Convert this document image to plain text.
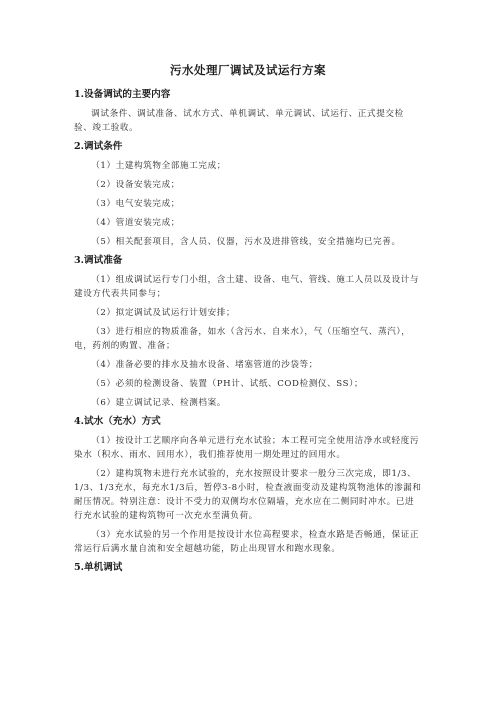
污水处理厂调试及试运行方案
1.设备调试的主要内容
调试条件、调试准备、试水方式、单机调试、单元调试、试运行、正式提交检验、竣工验收。
2.调试条件
（1）土建构筑物全部施工完成；
（2）设备安装完成；
（3）电气安装完成；
（4）管道安装完成；
（5）相关配套项目，含人员、仪器，污水及进排管线，安全措施均已完善。
3.调试准备
（1）组成调试运行专门小组，含土建、设备、电气、管线、施工人员以及设计与建设方代表共同参与；
（2）拟定调试及试运行计划安排；
（3）进行相应的物质准备，如水（含污水、自来水），气（压缩空气、蒸汽），电，药剂的购置、准备；
（4）准备必要的排水及抽水设备、堵塞管道的沙袋等；
（5）必须的检测设备、装置（PH计、试纸、COD检测仪、SS）；
（6）建立调试记录、检测档案。
4.试水（充水）方式
（1）按设计工艺顺序向各单元进行充水试验；本工程可完全使用洁净水或轻度污染水（积水、雨水、回用水），我们推荐使用一期处理过的回用水。
（2）建构筑物未进行充水试验的，充水按照设计要求一般分三次完成，即1/3、1/3、1/3充水，每充水1/3后，暂停3-8小时，检查液面变动及建构筑物池体的渗漏和耐压情况。特别注意：设计不受力的双侧均水位隔墙，充水应在二侧同时冲水。已进行充水试验的建构筑物可一次充水至满负荷。
（3）充水试验的另一个作用是按设计水位高程要求，检查水路是否畅通，保证正常运行后满水量自流和安全超越功能，防止出现冒水和跑水现象。
5.单机调试
